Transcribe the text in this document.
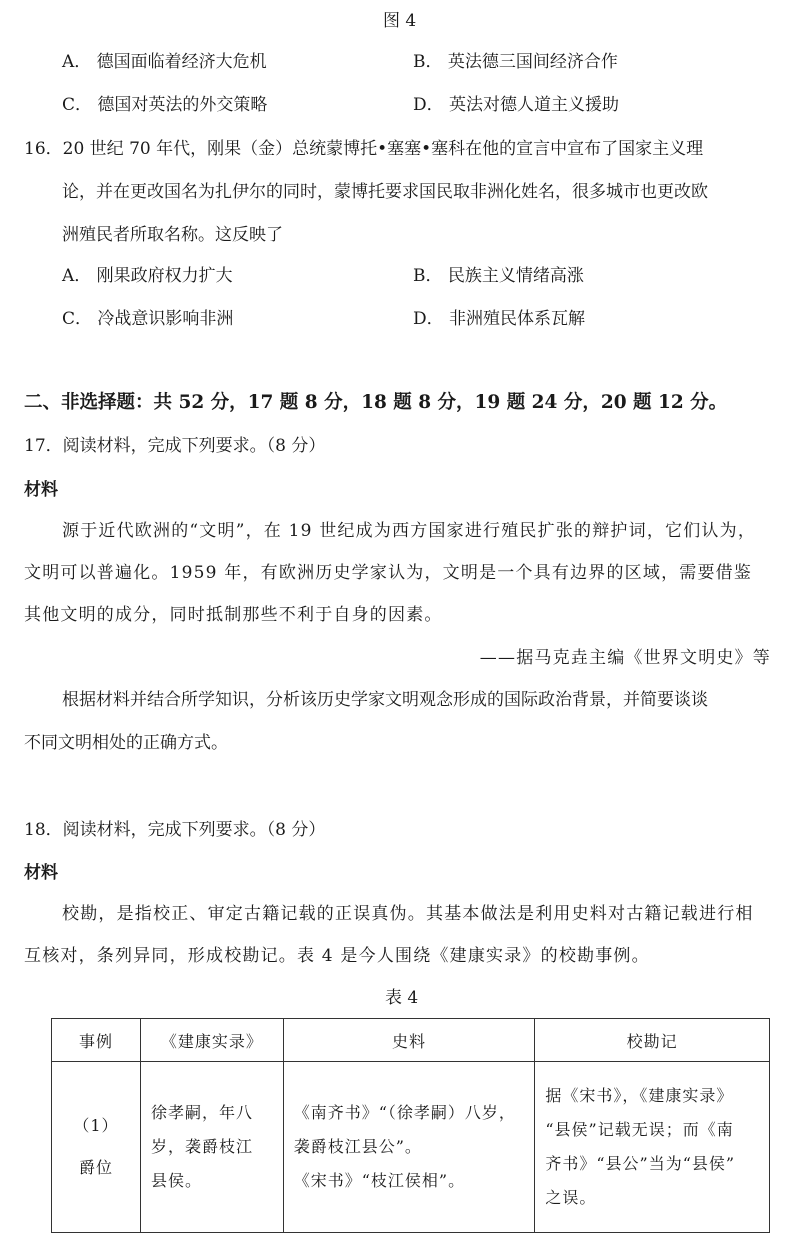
图 4
A． 德国面临着经济大危机	B． 英法德三国间经济合作
C． 德国对英法的外交策略	D． 英法对德人道主义援助
16．20 世纪 70 年代，刚果（金）总统蒙博托•塞塞•塞科在他的宣言中宣布了国家主义理
论，并在更改国名为扎伊尔的同时，蒙博托要求国民取非洲化姓名，很多城市也更改欧
洲殖民者所取名称。这反映了
A． 刚果政府权力扩大	B． 民族主义情绪高涨
C． 冷战意识影响非洲	D． 非洲殖民体系瓦解
二、非选择题：共 52 分，17 题 8 分，18 题 8 分，19 题 24 分，20 题 12 分。
17．阅读材料，完成下列要求。（8 分）
材料
源于近代欧洲的“文明”，在 19 世纪成为西方国家进行殖民扩张的辩护词，它们认为，
文明可以普遍化。1959 年，有欧洲历史学家认为，文明是一个具有边界的区域，需要借鉴
其他文明的成分，同时抵制那些不利于自身的因素。
——据马克垚主编《世界文明史》等
根据材料并结合所学知识，分析该历史学家文明观念形成的国际政治背景，并简要谈谈
不同文明相处的正确方式。
18．阅读材料，完成下列要求。（8 分）
材料
校勘，是指校正、审定古籍记载的正误真伪。其基本做法是利用史料对古籍记载进行相
互核对，条列异同，形成校勘记。表 4 是今人围绕《建康实录》的校勘事例。
表 4
事例	《建康实录》	史料	校勘记

（1）
爵位	徐孝嗣，年八
岁，袭爵枝江
县侯。	《南齐书》“（徐孝嗣）八岁，
袭爵枝江县公”。
《宋书》“枝江侯相”。	据《宋书》，《建康实录》
“县侯”记载无误；而《南
齐书》“县公”当为“县侯”
之误。
